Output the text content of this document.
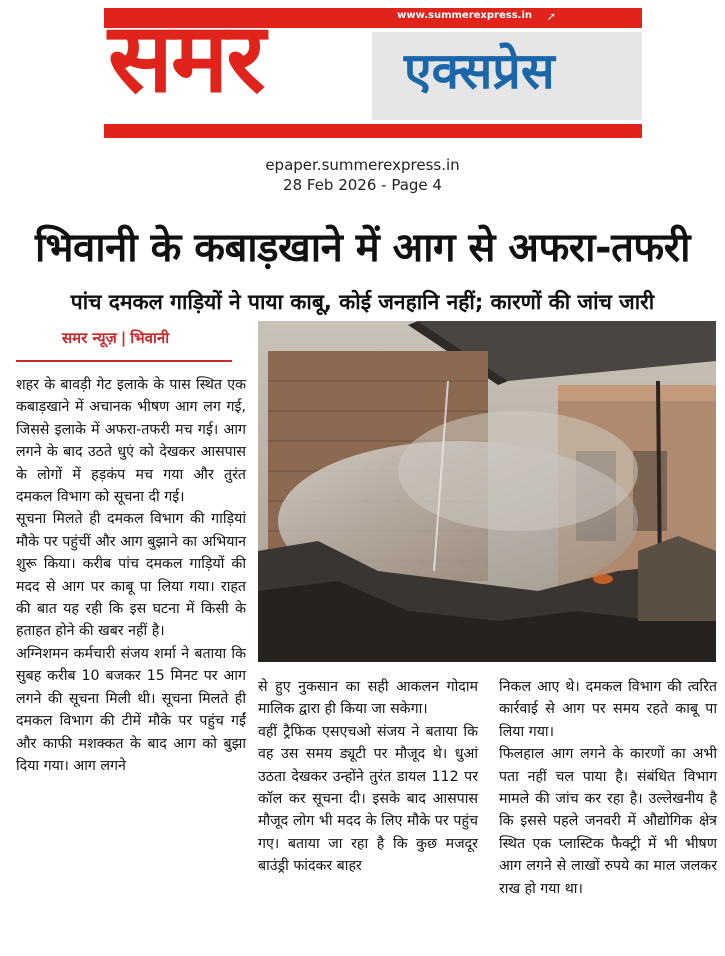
www.summerexpress.in ➚
समर	एक्सप्रेस
epaper.summerexpress.in
28 Feb 2026 - Page 4
भिवानी के कबाड़खाने में आग से अफरा-तफरी
पांच दमकल गाड़ियों ने पाया काबू, कोई जनहानि नहीं; कारणों की जांच जारी
समर न्यूज़ | भिवानी

शहर के बावड़ी गेट इलाके के पास स्थित एक कबाड़खाने में अचानक भीषण आग लग गई, जिससे इलाके में अफरा-तफरी मच गई। आग लगने के बाद उठते धुएं को देखकर आसपास के लोगों में हड़कंप मच गया और तुरंत दमकल विभाग को सूचना दी गई।

सूचना मिलते ही दमकल विभाग की गाड़ियां मौके पर पहुंचीं और आग बुझाने का अभियान शुरू किया। करीब पांच दमकल गाड़ियों की मदद से आग पर काबू पा लिया गया। राहत की बात यह रही कि इस घटना में किसी के हताहत होने की खबर नहीं है।

अग्निशमन कर्मचारी संजय शर्मा ने बताया कि सुबह करीब 10 बजकर 15 मिनट पर आग लगने की सूचना मिली थी। सूचना मिलते ही दमकल विभाग की टीमें मौके पर पहुंच गईं और काफी मशक्कत के बाद आग को बुझा दिया गया। आग लगने

से हुए नुकसान का सही आकलन गोदाम मालिक द्वारा ही किया जा सकेगा।

वहीं ट्रैफिक एसएचओ संजय ने बताया कि वह उस समय ड्यूटी पर मौजूद थे। धुआं उठता देखकर उन्होंने तुरंत डायल 112 पर कॉल कर सूचना दी। इसके बाद आसपास मौजूद लोग भी मदद के लिए मौके पर पहुंच गए। बताया जा रहा है कि कुछ मजदूर बाउंड्री फांदकर बाहर

निकल आए थे। दमकल विभाग की त्वरित कार्रवाई से आग पर समय रहते काबू पा लिया गया।

फिलहाल आग लगने के कारणों का अभी पता नहीं चल पाया है। संबंधित विभाग मामले की जांच कर रहा है। उल्लेखनीय है कि इससे पहले जनवरी में औद्योगिक क्षेत्र स्थित एक प्लास्टिक फैक्ट्री में भी भीषण आग लगने से लाखों रुपये का माल जलकर राख हो गया था।
